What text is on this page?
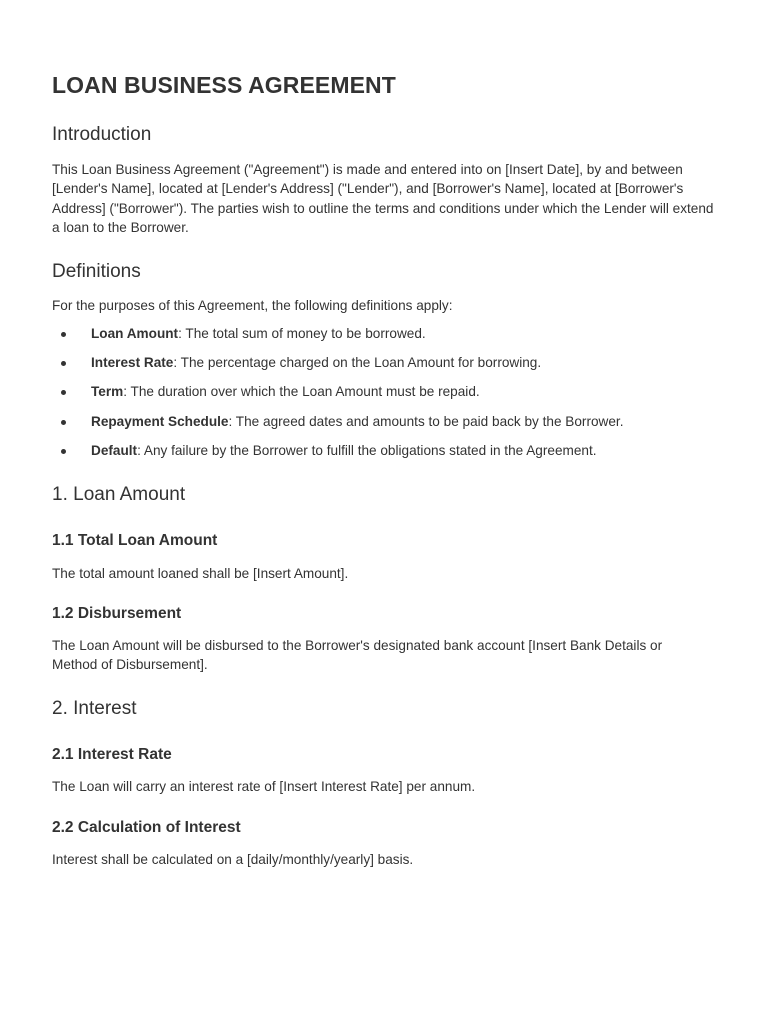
LOAN BUSINESS AGREEMENT
Introduction

This Loan Business Agreement ("Agreement") is made and entered into on [Insert Date], by and between [Lender's Name], located at [Lender's Address] ("Lender"), and [Borrower's Name], located at [Borrower's Address] ("Borrower"). The parties wish to outline the terms and conditions under which the Lender will extend a loan to the Borrower.

Definitions

For the purposes of this Agreement, the following definitions apply:

Loan Amount: The total sum of money to be borrowed.
Interest Rate: The percentage charged on the Loan Amount for borrowing.
Term: The duration over which the Loan Amount must be repaid.
Repayment Schedule: The agreed dates and amounts to be paid back by the Borrower.
Default: Any failure by the Borrower to fulfill the obligations stated in the Agreement.
1. Loan Amount
1.1 Total Loan Amount

The total amount loaned shall be [Insert Amount].

1.2 Disbursement

The Loan Amount will be disbursed to the Borrower's designated bank account [Insert Bank Details or Method of Disbursement].

2. Interest
2.1 Interest Rate

The Loan will carry an interest rate of [Insert Interest Rate] per annum.

2.2 Calculation of Interest

Interest shall be calculated on a [daily/monthly/yearly] basis.
